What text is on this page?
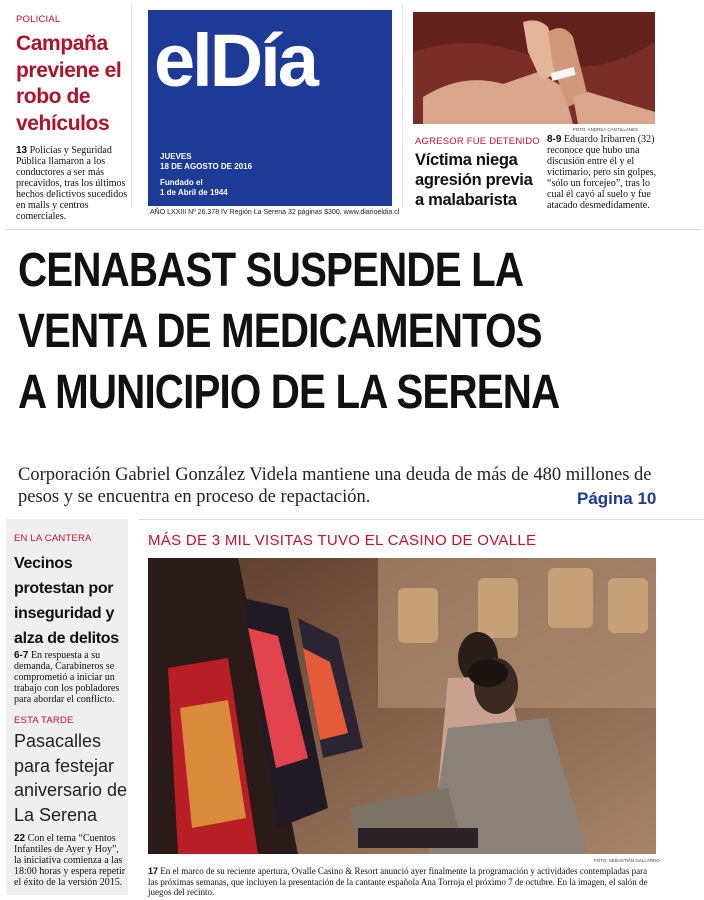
POLICIAL
Campaña previene el robo de vehículos

13 Policías y Seguridad Pública llamaron a los conductores a ser más precavidos, tras los últimos hechos delictivos sucedidos en malls y centros comerciales.

elDía
JUEVES
18 DE AGOSTO DE 2016
Fundado el
1 de Abril de 1944
AÑO LXXIII Nº 26.378 IV Región La Serena 32 páginas $300. www.diarioeldia.cl
FOTO: ANDREA CANTILLANES
AGRESOR FUE DETENIDO
Víctima niega agresión previa a malabarista

8-9 Eduardo Iribarren (32) reconoce que hubo una discusión entre él y el victimario, pero sin golpes, “sólo un forcejeo”, tras lo cual él cayó al suelo y fue atacado desmedidamente.

CENABAST SUSPENDE LA
VENTA DE MEDICAMENTOS
A MUNICIPIO DE LA SERENA
Corporación Gabriel González Videla mantiene una deuda de más de 480 millones de pesos y se encuentra en proceso de repactación.	Página 10
EN LA CANTERA
Vecinos protestan por inseguridad y alza de delitos

6-7 En respuesta a su demanda, Carabineros se comprometió a iniciar un trabajo con los pobladores para abordar el conflicto.

ESTA TARDE
Pasacalles para festejar aniversario de La Serena

22 Con el tema “Cuentos Infantiles de Ayer y Hoy”, la iniciativa comienza a las 18:00 horas y espera repetir el éxito de la versión 2015.

MÁS DE 3 MIL VISITAS TUVO EL CASINO DE OVALLE
FOTO: SEBASTIÁN GALLARDO

17 En el marco de su reciente apertura, Ovalle Casino & Resort anunció ayer finalmente la programación y actividades contempladas para las próximas semanas, que incluyen la presentación de la cantante española Ana Torroja el próximo 7 de octubre. En la imagen, el salón de juegos del recinto.
